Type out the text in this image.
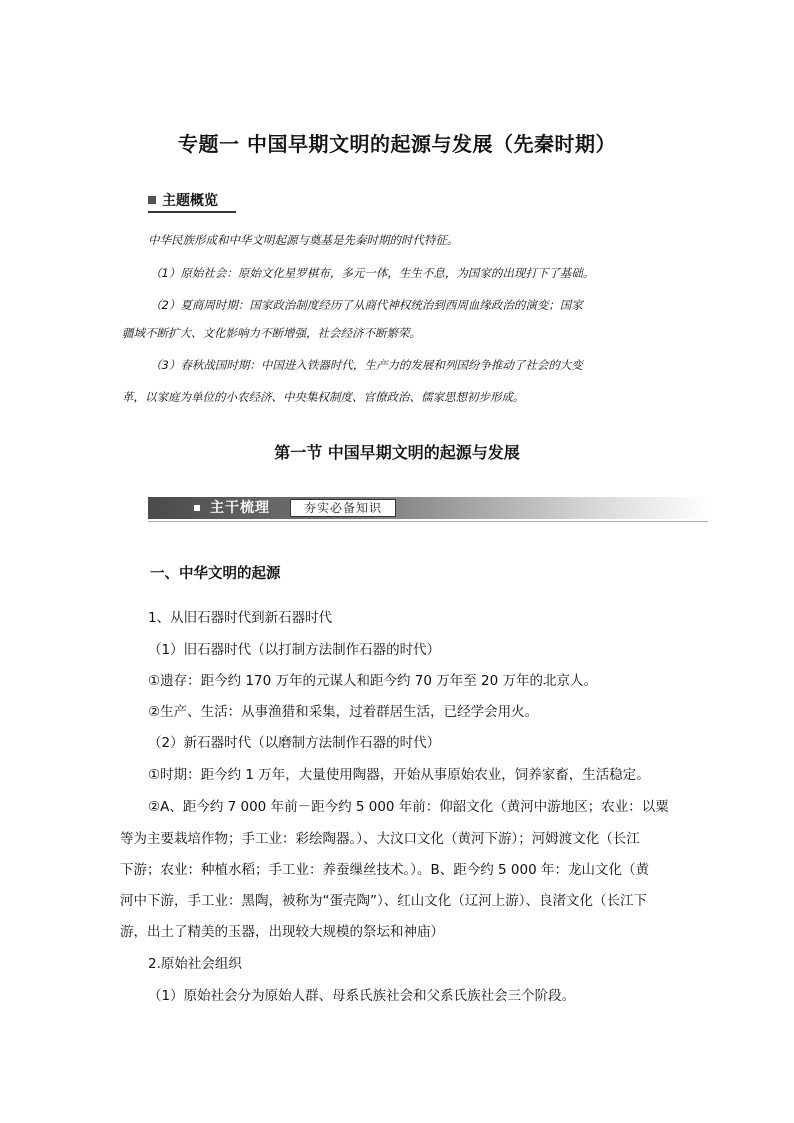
专题一 中国早期文明的起源与发展（先秦时期）
主题概览
中华民族形成和中华文明起源与奠基是先秦时期的时代特征。
（1）原始社会：原始文化星罗棋布，多元一体，生生不息，为国家的出现打下了基础。
（2）夏商周时期：国家政治制度经历了从商代神权统治到西周血缘政治的演变；国家
疆域不断扩大、文化影响力不断增强，社会经济不断繁荣。
（3）春秋战国时期：中国进入铁器时代，生产力的发展和列国纷争推动了社会的大变
革，以家庭为单位的小农经济、中央集权制度、官僚政治、儒家思想初步形成。
第一节 中国早期文明的起源与发展
主干梳理	夯实必备知识
一、中华文明的起源
1、从旧石器时代到新石器时代
（1）旧石器时代（以打制方法制作石器的时代）
①遗存：距今约 170 万年的元谋人和距今约 70 万年至 20 万年的北京人。
②生产、生活：从事渔猎和采集，过着群居生活，已经学会用火。
（2）新石器时代（以磨制方法制作石器的时代）
①时期：距今约 1 万年，大量使用陶器，开始从事原始农业，饲养家畜，生活稳定。
②A、距今约 7 000 年前－距今约 5 000 年前：仰韶文化（黄河中游地区；农业：以粟
等为主要栽培作物；手工业：彩绘陶器。）、大汶口文化（黄河下游）；河姆渡文化（长江
下游；农业：种植水稻；手工业：养蚕缫丝技术。）。B、距今约 5 000 年：龙山文化（黄
河中下游，手工业：黑陶，被称为“蛋壳陶”）、红山文化（辽河上游）、良渚文化（长江下
游，出土了精美的玉器，出现较大规模的祭坛和神庙）
2.原始社会组织
（1）原始社会分为原始人群、母系氏族社会和父系氏族社会三个阶段。
